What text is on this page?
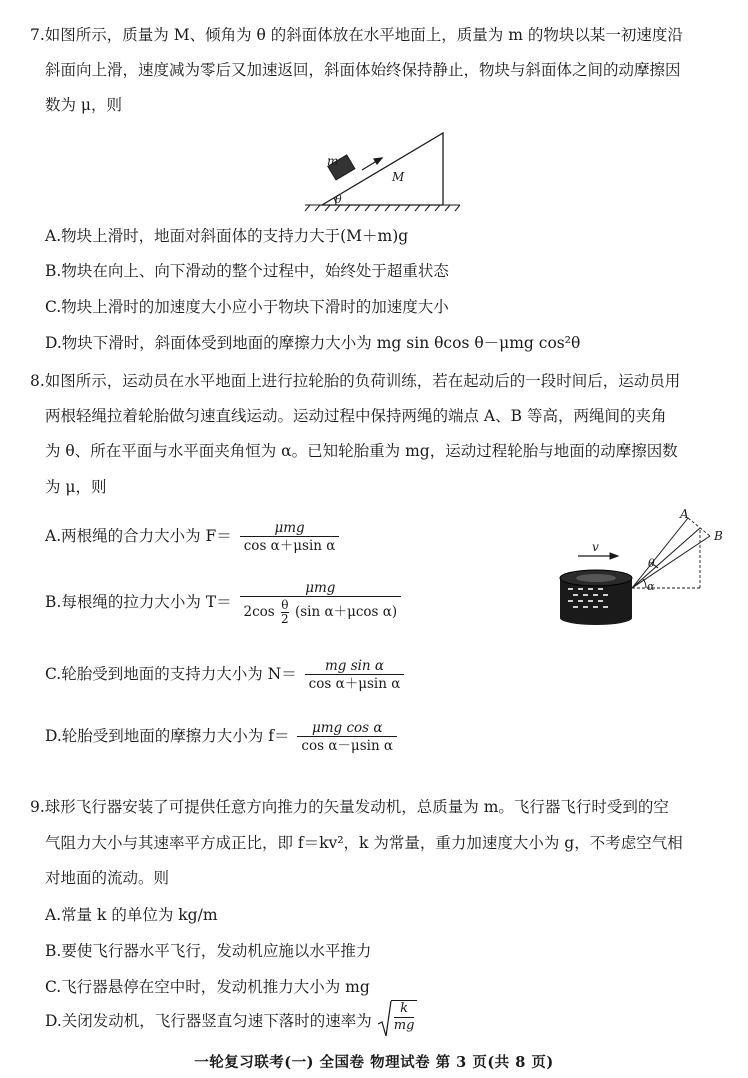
7.如图所示，质量为 M、倾角为 θ 的斜面体放在水平地面上，质量为 m 的物块以某一初速度沿
斜面向上滑，速度减为零后又加速返回，斜面体始终保持静止，物块与斜面体之间的动摩擦因
数为 μ，则
m
M
θ
A.物块上滑时，地面对斜面体的支持力大于(M＋m)g
B.物块在向上、向下滑动的整个过程中，始终处于超重状态
C.物块上滑时的加速度大小应小于物块下滑时的加速度大小
D.物块下滑时，斜面体受到地面的摩擦力大小为 mg sin θcos θ－μmg cos²θ
8.如图所示，运动员在水平地面上进行拉轮胎的负荷训练，若在起动后的一段时间后，运动员用
两根轻绳拉着轮胎做匀速直线运动。运动过程中保持两绳的端点 A、B 等高，两绳间的夹角
为 θ、所在平面与水平面夹角恒为 α。已知轮胎重为 mg，运动过程轮胎与地面的动摩擦因数
为 μ，则
A.两根绳的合力大小为 $F= \frac{\text{μmg}}{\text{cos α＋μsin α}}$
B.每根绳的拉力大小为 T＝
μmg
$2\cos \frac{\theta}{2} (\sin$ α＋μcos α)
C.轮胎受到地面的支持力大小为 $N= \frac{\text{mg sin α}}{\text{cos α＋μsin α}}$
D.轮胎受到地面的摩擦力大小为 $f= \frac{\text{μmg cos α}}{\text{cos α－μsin α}}$
v
A
B
θ
α
9.球形飞行器安装了可提供任意方向推力的矢量发动机，总质量为 m。飞行器飞行时受到的空
气阻力大小与其速率平方成正比，即 f＝kv²，k 为常量，重力加速度大小为 g，不考虑空气相
对地面的流动。则
A.常量 k 的单位为 kg/m
B.要使飞行器水平飞行，发动机应施以水平推力
C.飞行器悬停在空中时，发动机推力大小为 mg
D.关闭发动机，飞行器竖直匀速下落时的速率为 $\frac{k}{mg}$
一轮复习联考(一) 全国卷 物理试卷 第 3 页(共 8 页)
